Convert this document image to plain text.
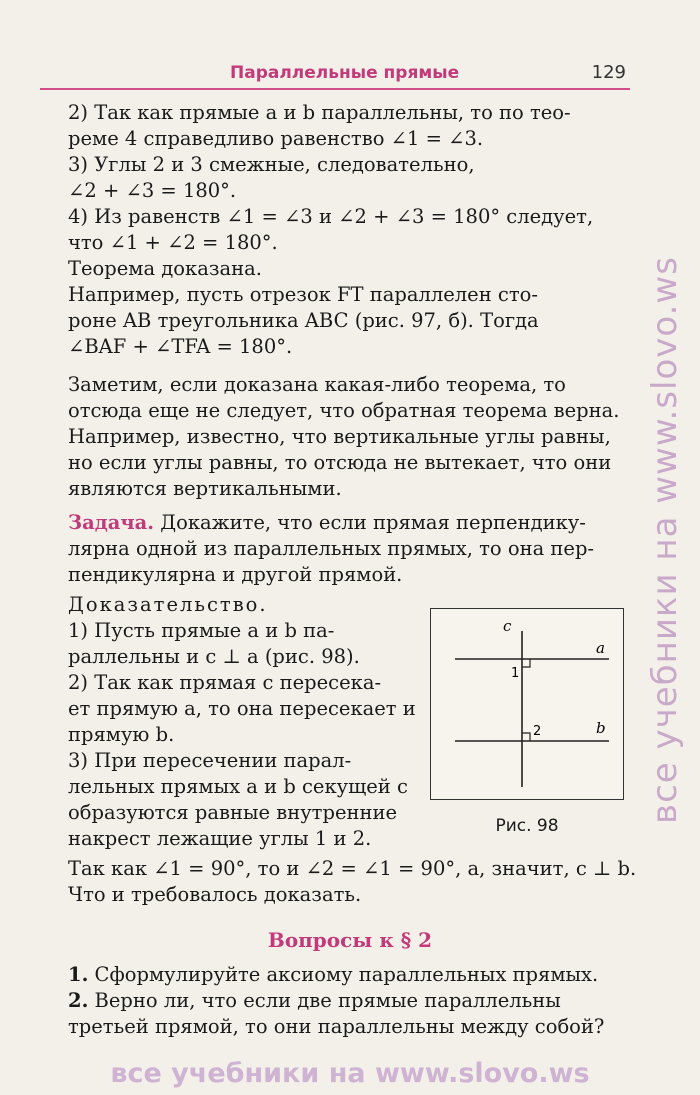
Параллельные прямые	129
2) Так как прямые a и b параллельны, то по тео-
реме 4 справедливо равенство ∠1 = ∠3.
3) Углы 2 и 3 смежные, следовательно,
∠2 + ∠3 = 180°.
4) Из равенств ∠1 = ∠3 и ∠2 + ∠3 = 180° следует,
что ∠1 + ∠2 = 180°.
Теорема доказана.
Например, пусть отрезок FT параллелен сто-
роне AB треугольника ABC (рис. 97, б). Тогда
∠BAF + ∠TFA = 180°.
Заметим, если доказана какая-либо теорема, то
отсюда еще не следует, что обратная теорема верна.
Например, известно, что вертикальные углы равны,
но если углы равны, то отсюда не вытекает, что они
являются вертикальными.
Задача. Докажите, что если прямая перпендику-
лярна одной из параллельных прямых, то она пер-
пендикулярна и другой прямой.
Доказательство.
1) Пусть прямые a и b па-
раллельны и c ⊥ a (рис. 98).
2) Так как прямая c пересека-
ет прямую a, то она пересекает и
прямую b.
3) При пересечении парал-
лельных прямых a и b секущей c
образуются равные внутренние
накрест лежащие углы 1 и 2.
c
a
b
1
2
Рис. 98
Так как ∠1 = 90°, то и ∠2 = ∠1 = 90°, а, значит, c ⊥ b.
Что и требовалось доказать.
Вопросы к § 2
1. Сформулируйте аксиому параллельных прямых.
2. Верно ли, что если две прямые параллельны
третьей прямой, то они параллельны между собой?
все учебники на www.slovo.ws
все учебники на www.slovo.ws
